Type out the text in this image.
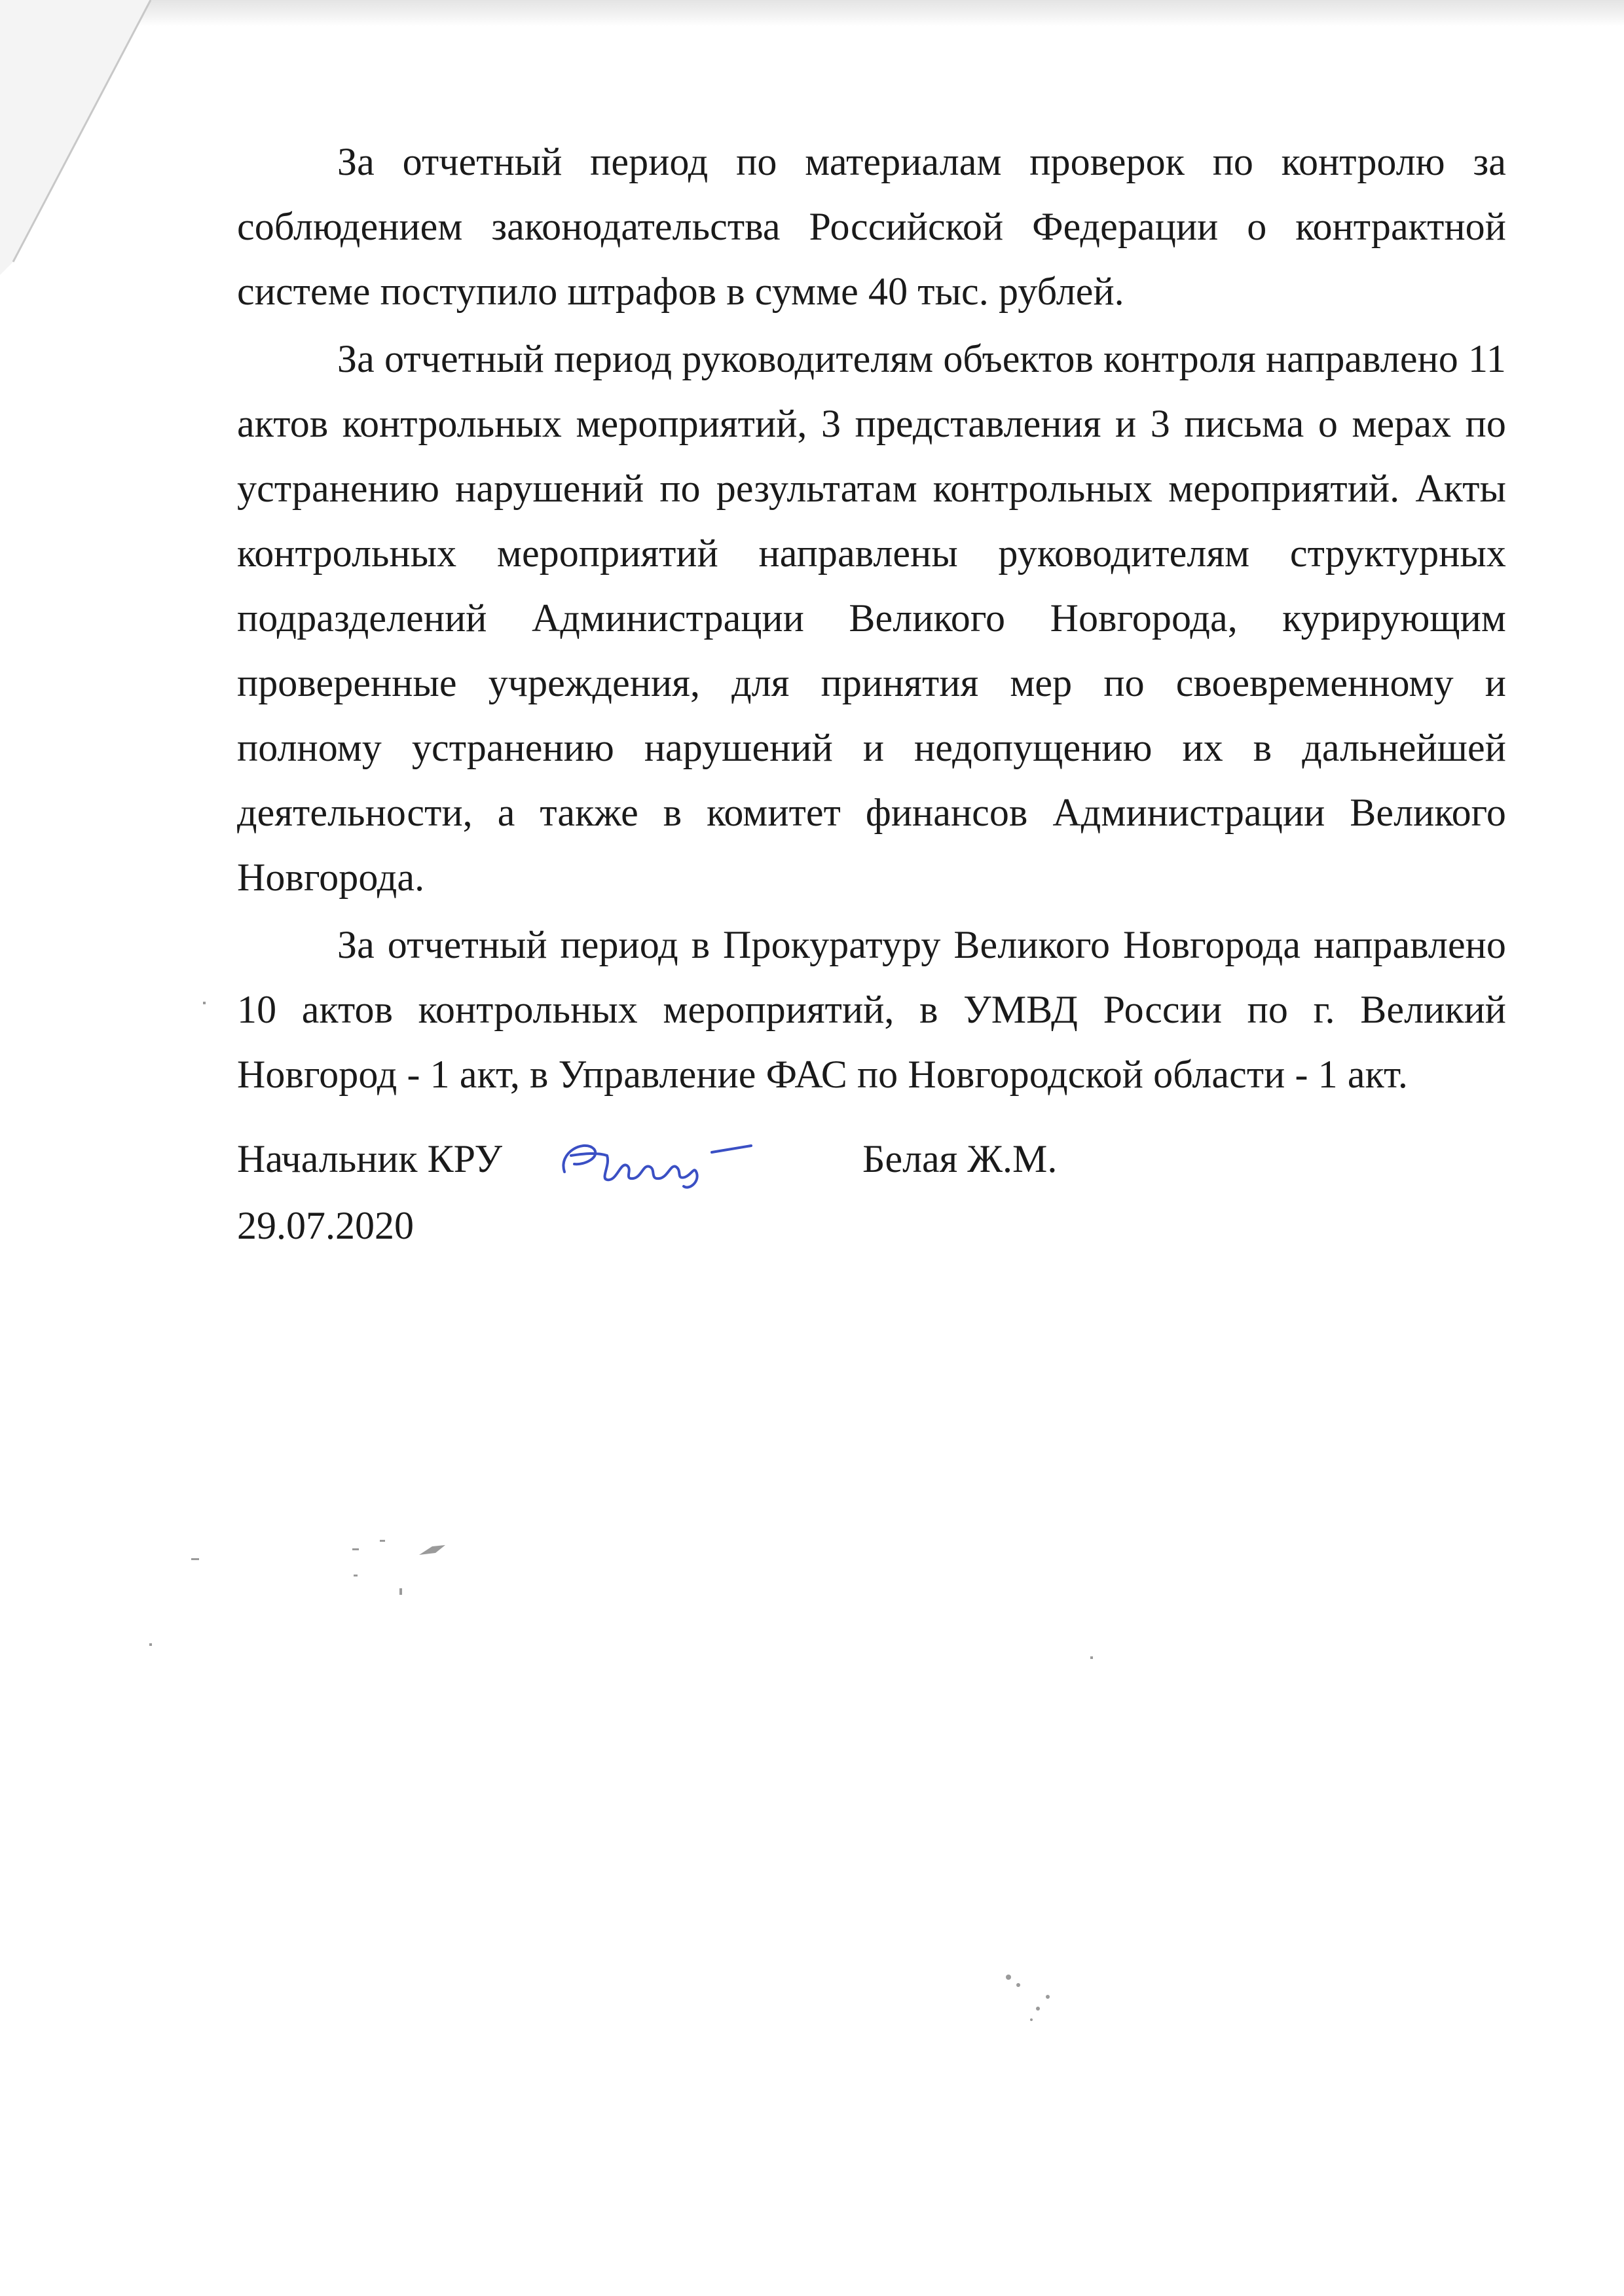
За отчетный период по материалам проверок по контролю за соблюдением законодательства Российской Федерации о контрактной системе поступило штрафов в сумме 40 тыс. рублей.

За отчетный период руководителям объектов контроля направлено 11 актов контрольных мероприятий, 3 представления и 3 письма о мерах по устранению нарушений по результатам контрольных мероприятий. Акты контрольных мероприятий направлены руководителям структурных подразделений Администрации Великого Новгорода, курирующим проверенные учреждения, для принятия мер по своевременному и полному устранению нарушений и недопущению их в дальнейшей деятельности, а также в комитет финансов Администрации Великого Новгорода.

За отчетный период в Прокуратуру Великого Новгорода направлено 10 актов контрольных мероприятий, в УМВД России по г. Великий Новгород - 1 акт, в Управление ФАС по Новгородской области - 1 акт.

Начальник КРУ	Белая Ж.М.
29.07.2020
